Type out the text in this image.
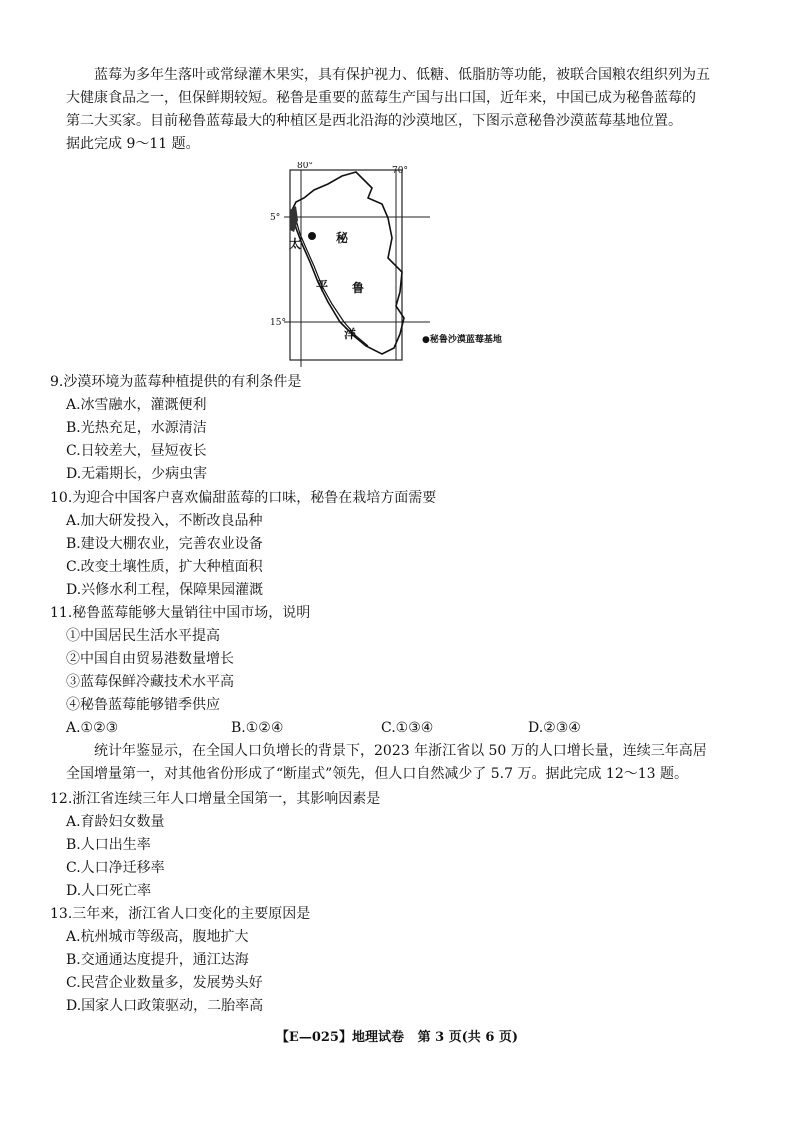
蓝莓为多年生落叶或常绿灌木果实，具有保护视力、低糖、低脂肪等功能，被联合国粮农组织列为五
大健康食品之一，但保鲜期较短。秘鲁是重要的蓝莓生产国与出口国，近年来，中国已成为秘鲁蓝莓的
第二大买家。目前秘鲁蓝莓最大的种植区是西北沿海的沙漠地区，下图示意秘鲁沙漠蓝莓基地位置。
据此完成 9～11 题。
80°	70°
5°
15°
太
平
洋
秘
鲁
●秘鲁沙漠蓝莓基地
9.沙漠环境为蓝莓种植提供的有利条件是
A.冰雪融水，灌溉便利
B.光热充足，水源清洁
C.日较差大，昼短夜长
D.无霜期长，少病虫害
10.为迎合中国客户喜欢偏甜蓝莓的口味，秘鲁在栽培方面需要
A.加大研发投入，不断改良品种
B.建设大棚农业，完善农业设备
C.改变土壤性质，扩大种植面积
D.兴修水利工程，保障果园灌溉
11.秘鲁蓝莓能够大量销往中国市场，说明
①中国居民生活水平提高
②中国自由贸易港数量增长
③蓝莓保鲜冷藏技术水平高
④秘鲁蓝莓能够错季供应
A.①②③	B.①②④	C.①③④	D.②③④
统计年鉴显示，在全国人口负增长的背景下，2023 年浙江省以 50 万的人口增长量，连续三年高居
全国增量第一，对其他省份形成了“断崖式”领先，但人口自然减少了 5.7 万。据此完成 12～13 题。
12.浙江省连续三年人口增量全国第一，其影响因素是
A.育龄妇女数量
B.人口出生率
C.人口净迁移率
D.人口死亡率
13.三年来，浙江省人口变化的主要原因是
A.杭州城市等级高，腹地扩大
B.交通通达度提升，通江达海
C.民营企业数量多，发展势头好
D.国家人口政策驱动，二胎率高
【E—025】地理试卷 第 3 页(共 6 页)
